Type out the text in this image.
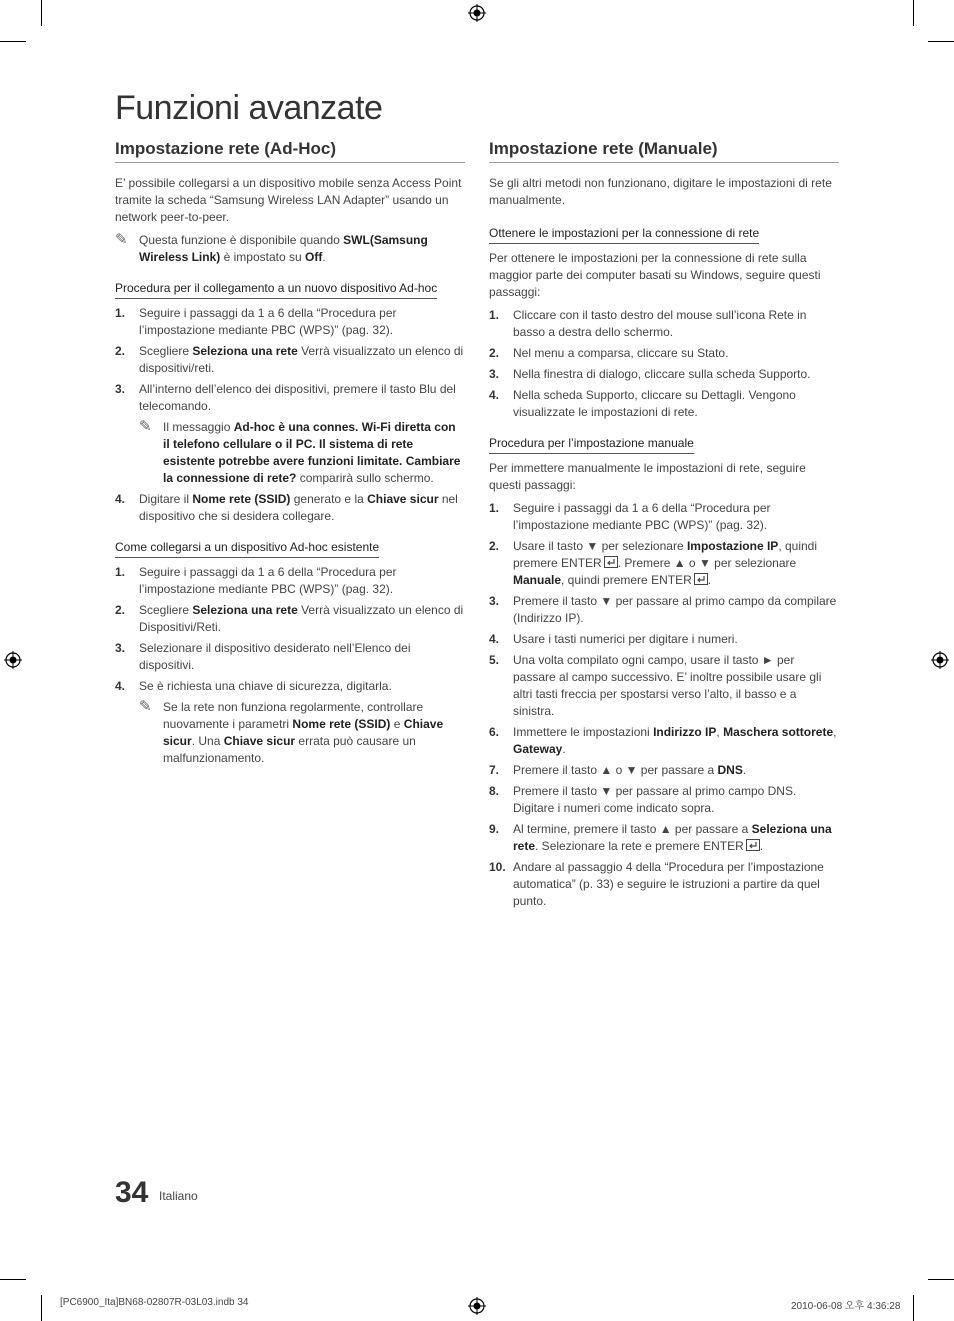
Funzioni avanzate
Impostazione rete (Ad-Hoc)

E’ possibile collegarsi a un dispositivo mobile senza Access Point tramite la scheda “Samsung Wireless LAN Adapter” usando un network peer-to-peer.

✎ Questa funzione è disponibile quando SWL(Samsung Wireless Link) è impostato su Off.
Procedura per il collegamento a un nuovo dispositivo Ad-hoc
1. Seguire i passaggi da 1 a 6 della “Procedura per l’impostazione mediante PBC (WPS)” (pag. 32).
2. Scegliere Seleziona una rete Verrà visualizzato un elenco di dispositivi/reti.
3. All’interno dell’elenco dei dispositivi, premere il tasto Blu del telecomando.
✎ Il messaggio Ad-hoc è una connes. Wi-Fi diretta con il telefono cellulare o il PC. Il sistema di rete esistente potrebbe avere funzioni limitate. Cambiare la connessione di rete? comparirà sullo schermo.
4. Digitare il Nome rete (SSID) generato e la Chiave sicur nel dispositivo che si desidera collegare.
Come collegarsi a un dispositivo Ad-hoc esistente
1. Seguire i passaggi da 1 a 6 della “Procedura per l’impostazione mediante PBC (WPS)” (pag. 32).
2. Scegliere Seleziona una rete Verrà visualizzato un elenco di Dispositivi/Reti.
3. Selezionare il dispositivo desiderato nell’Elenco dei dispositivi.
4. Se è richiesta una chiave di sicurezza, digitarla.
✎ Se la rete non funziona regolarmente, controllare nuovamente i parametri Nome rete (SSID) e Chiave sicur. Una Chiave sicur errata può causare un malfunzionamento.
Impostazione rete (Manuale)

Se gli altri metodi non funzionano, digitare le impostazioni di rete manualmente.

Ottenere le impostazioni per la connessione di rete

Per ottenere le impostazioni per la connessione di rete sulla maggior parte dei computer basati su Windows, seguire questi passaggi:

1. Cliccare con il tasto destro del mouse sull’icona Rete in basso a destra dello schermo.
2. Nel menu a comparsa, cliccare su Stato.
3. Nella finestra di dialogo, cliccare sulla scheda Supporto.
4. Nella scheda Supporto, cliccare su Dettagli. Vengono visualizzate le impostazioni di rete.
Procedura per l’impostazione manuale

Per immettere manualmente le impostazioni di rete, seguire questi passaggi:

1. Seguire i passaggi da 1 a 6 della “Procedura per l’impostazione mediante PBC (WPS)” (pag. 32).
2. Usare il tasto ▼ per selezionare Impostazione IP, quindi premere ENTER . Premere ▲ o ▼ per selezionare Manuale, quindi premere ENTER .
3. Premere il tasto ▼ per passare al primo campo da compilare (Indirizzo IP).
4. Usare i tasti numerici per digitare i numeri.
5. Una volta compilato ogni campo, usare il tasto ► per passare al campo successivo. E’ inoltre possibile usare gli altri tasti freccia per spostarsi verso l’alto, il basso e a sinistra.
6. Immettere le impostazioni Indirizzo IP, Maschera sottorete, Gateway.
7. Premere il tasto ▲ o ▼ per passare a DNS.
8. Premere il tasto ▼ per passare al primo campo DNS. Digitare i numeri come indicato sopra.
9. Al termine, premere il tasto ▲ per passare a Seleziona una rete. Selezionare la rete e premere ENTER .
10. Andare al passaggio 4 della “Procedura per l’impostazione automatica” (p. 33) e seguire le istruzioni a partire da quel punto.
34 Italiano
[PC6900_Ita]BN68-02807R-03L03.indb 34	2010-06-08 오후 4:36:28
